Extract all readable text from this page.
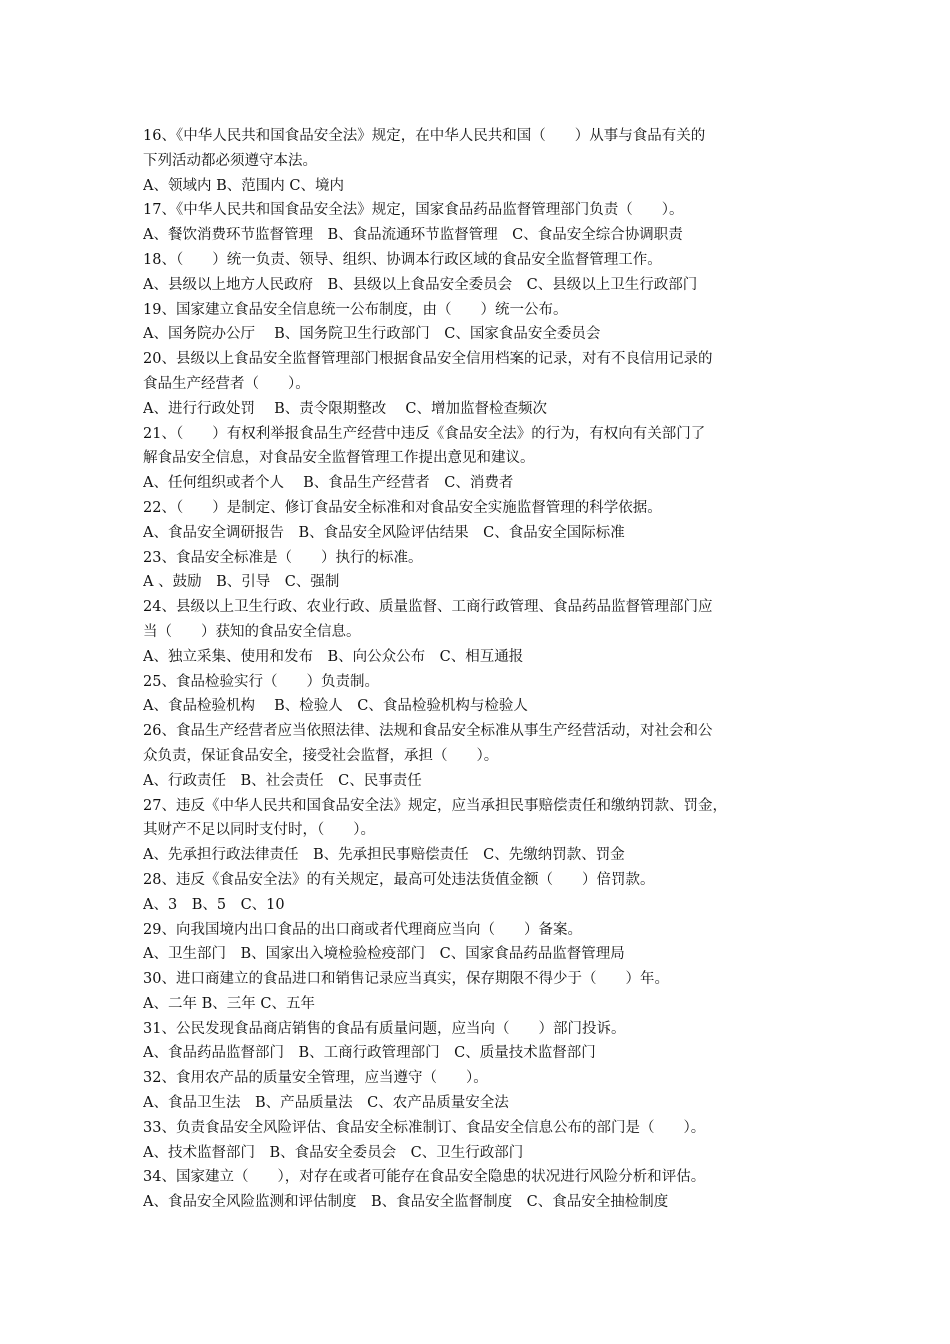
16、《中华人民共和国食品安全法》规定，在中华人民共和国（　　）从事与食品有关的
下列活动都必须遵守本法。
A、领域内 B、范围内 C、境内
17、《中华人民共和国食品安全法》规定，国家食品药品监督管理部门负责（　　）。
A、餐饮消费环节监督管理　B、食品流通环节监督管理　C、食品安全综合协调职责
18、（　　）统一负责、领导、组织、协调本行政区域的食品安全监督管理工作。
A、县级以上地方人民政府　B、县级以上食品安全委员会　C、县级以上卫生行政部门
19、国家建立食品安全信息统一公布制度，由（　　）统一公布。
A、国务院办公厅　 B、国务院卫生行政部门　C、国家食品安全委员会
20、县级以上食品安全监督管理部门根据食品安全信用档案的记录，对有不良信用记录的
食品生产经营者（　　）。
A、进行行政处罚　 B、责令限期整改　 C、增加监督检查频次
21、（　　）有权利举报食品生产经营中违反《食品安全法》的行为，有权向有关部门了
解食品安全信息，对食品安全监督管理工作提出意见和建议。
A、任何组织或者个人　 B、食品生产经营者　C、消费者
22、（　　）是制定、修订食品安全标准和对食品安全实施监督管理的科学依据。
A、食品安全调研报告　B、食品安全风险评估结果　C、食品安全国际标准
23、食品安全标准是（　　）执行的标准。
A 、鼓励　B、引导　C、强制
24、县级以上卫生行政、农业行政、质量监督、工商行政管理、食品药品监督管理部门应
当（　　）获知的食品安全信息。
A、独立采集、使用和发布　B、向公众公布　C、相互通报
25、食品检验实行（　　）负责制。
A、食品检验机构　 B、检验人　C、食品检验机构与检验人
26、食品生产经营者应当依照法律、法规和食品安全标准从事生产经营活动，对社会和公
众负责，保证食品安全，接受社会监督，承担（　　）。
A、行政责任　B、社会责任　C、民事责任
27、违反《中华人民共和国食品安全法》规定，应当承担民事赔偿责任和缴纳罚款、罚金，
其财产不足以同时支付时，（　　）。
A、先承担行政法律责任　B、先承担民事赔偿责任　C、先缴纳罚款、罚金
28、违反《食品安全法》的有关规定，最高可处违法货值金额（　　）倍罚款。
A、3　B、5　C、10
29、向我国境内出口食品的出口商或者代理商应当向（　　）备案。
A、卫生部门　B、国家出入境检验检疫部门　C、国家食品药品监督管理局
30、进口商建立的食品进口和销售记录应当真实，保存期限不得少于（　　）年。
A、二年 B、三年 C、五年
31、公民发现食品商店销售的食品有质量问题，应当向（　　）部门投诉。
A、食品药品监督部门　B、工商行政管理部门　C、质量技术监督部门
32、食用农产品的质量安全管理，应当遵守（　　）。
A、食品卫生法　B、产品质量法　C、农产品质量安全法
33、负责食品安全风险评估、食品安全标准制订、食品安全信息公布的部门是（　　）。
A、技术监督部门　B、食品安全委员会　C、卫生行政部门
34、国家建立（　　），对存在或者可能存在食品安全隐患的状况进行风险分析和评估。
A、食品安全风险监测和评估制度　B、食品安全监督制度　C、食品安全抽检制度
